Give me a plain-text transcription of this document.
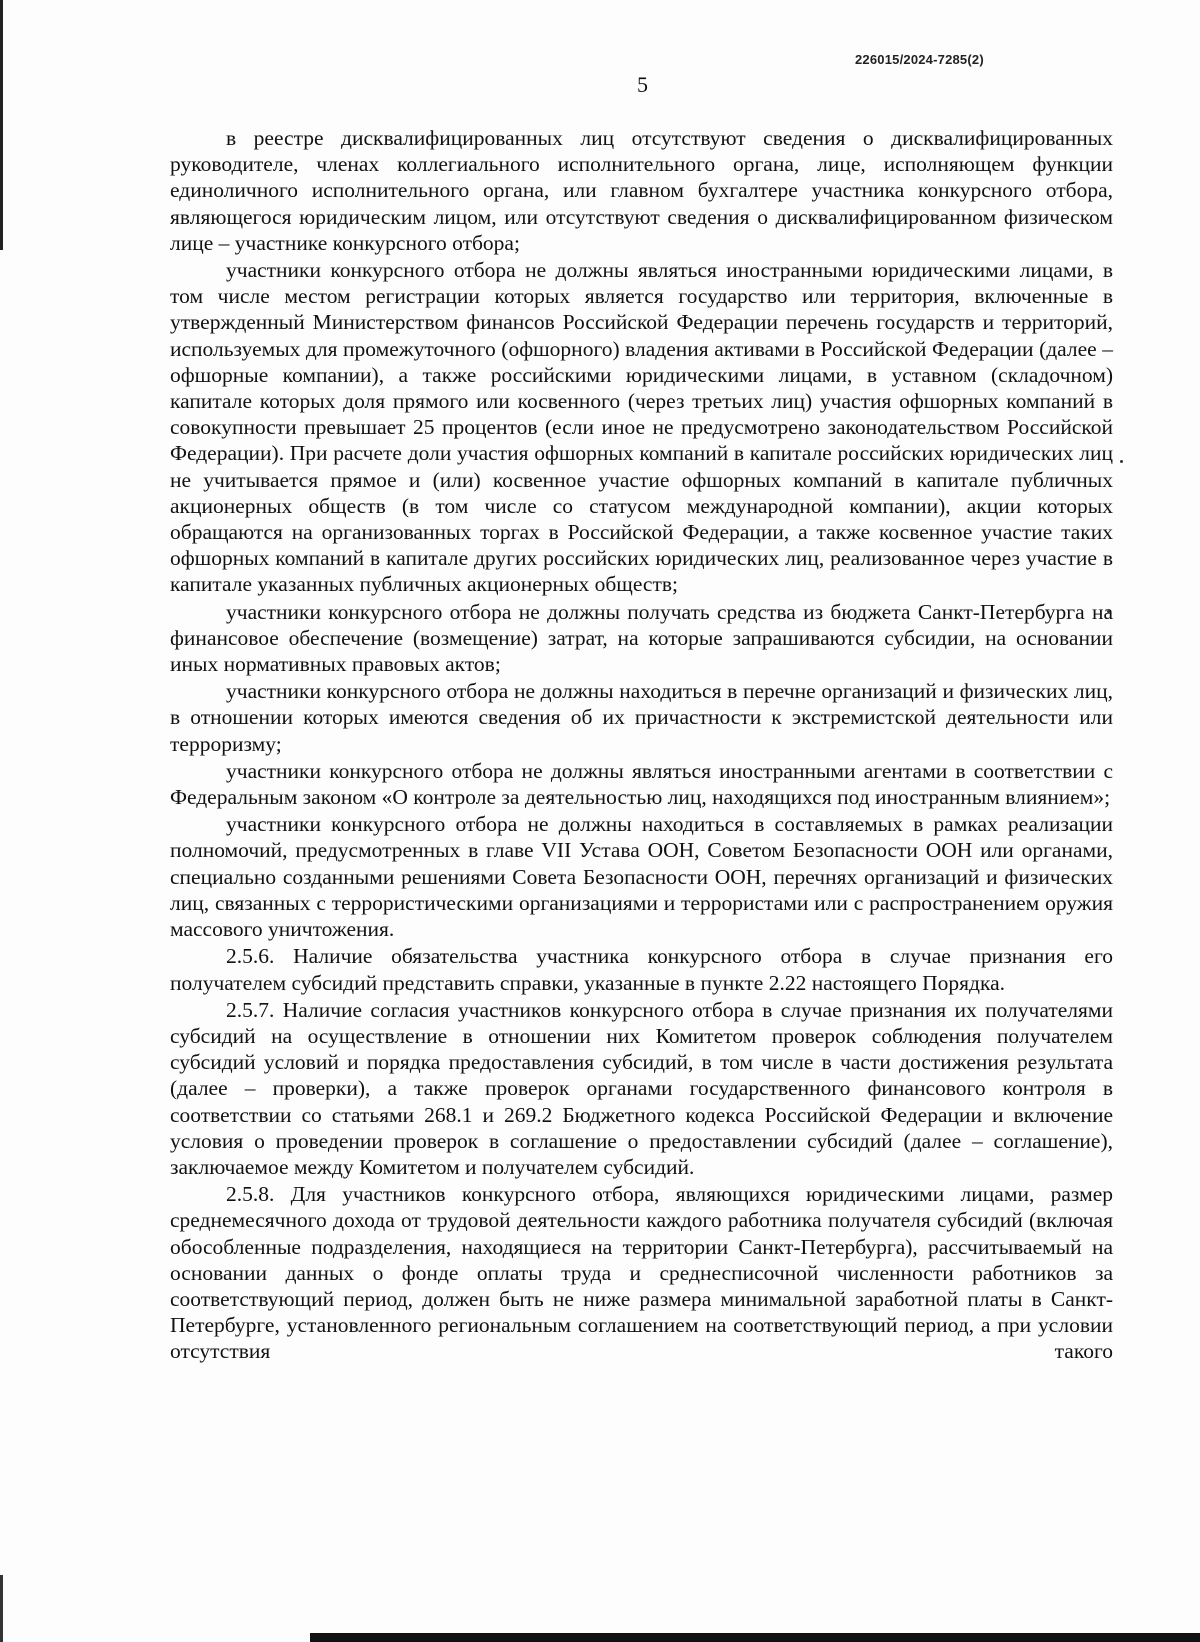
226015/2024-7285(2)
5

в реестре дисквалифицированных лиц отсутствуют сведения о дисквалифицированных руководителе, членах коллегиального исполнительного органа, лице, исполняющем функции единоличного исполнительного органа, или главном бухгалтере участника конкурсного отбора, являющегося юридическим лицом, или отсутствуют сведения о дисквалифицированном физическом лице – участнике конкурсного отбора;

участники конкурсного отбора не должны являться иностранными юридическими лицами, в том числе местом регистрации которых является государство или территория, включенные в утвержденный Министерством финансов Российской Федерации перечень государств и территорий, используемых для промежуточного (офшорного) владения активами в Российской Федерации (далее – офшорные компании), а также российскими юридическими лицами, в уставном (складочном) капитале которых доля прямого или косвенного (через третьих лиц) участия офшорных компаний в совокупности превышает 25 процентов (если иное не предусмотрено законодательством Российской Федерации). При расчете доли участия офшорных компаний в капитале российских юридических лиц не учитывается прямое и (или) косвенное участие офшорных компаний в капитале публичных акционерных обществ (в том числе со статусом международной компании), акции которых обращаются на организованных торгах в Российской Федерации, а также косвенное участие таких офшорных компаний в капитале других российских юридических лиц, реализованное через участие в капитале указанных публичных акционерных обществ;

участники конкурсного отбора не должны получать средства из бюджета Санкт-Петербурга на финансовое обеспечение (возмещение) затрат, на которые запрашиваются субсидии, на основании иных нормативных правовых актов;

участники конкурсного отбора не должны находиться в перечне организаций и физических лиц, в отношении которых имеются сведения об их причастности к экстремистской деятельности или терроризму;

участники конкурсного отбора не должны являться иностранными агентами в соответствии с Федеральным законом «О контроле за деятельностью лиц, находящихся под иностранным влиянием»;

участники конкурсного отбора не должны находиться в составляемых в рамках реализации полномочий, предусмотренных в главе VII Устава ООН, Советом Безопасности ООН или органами, специально созданными решениями Совета Безопасности ООН, перечнях организаций и физических лиц, связанных с террористическими организациями и террористами или с распространением оружия массового уничтожения.

2.5.6. Наличие обязательства участника конкурсного отбора в случае признания его получателем субсидий представить справки, указанные в пункте 2.22 настоящего Порядка.

2.5.7. Наличие согласия участников конкурсного отбора в случае признания их получателями субсидий на осуществление в отношении них Комитетом проверок соблюдения получателем субсидий условий и порядка предоставления субсидий, в том числе в части достижения результата (далее – проверки), а также проверок органами государственного финансового контроля в соответствии со статьями 268.1 и 269.2 Бюджетного кодекса Российской Федерации и включение условия о проведении проверок в соглашение о предоставлении субсидий (далее – соглашение), заключаемое между Комитетом и получателем субсидий.

2.5.8. Для участников конкурсного отбора, являющихся юридическими лицами, размер среднемесячного дохода от трудовой деятельности каждого работника получателя субсидий (включая обособленные подразделения, находящиеся на территории Санкт-Петербурга), рассчитываемый на основании данных о фонде оплаты труда и среднесписочной численности работников за соответствующий период, должен быть не ниже размера минимальной заработной платы в Санкт-Петербурге, установленного региональным соглашением на соответствующий период, а при условии отсутствия такого
